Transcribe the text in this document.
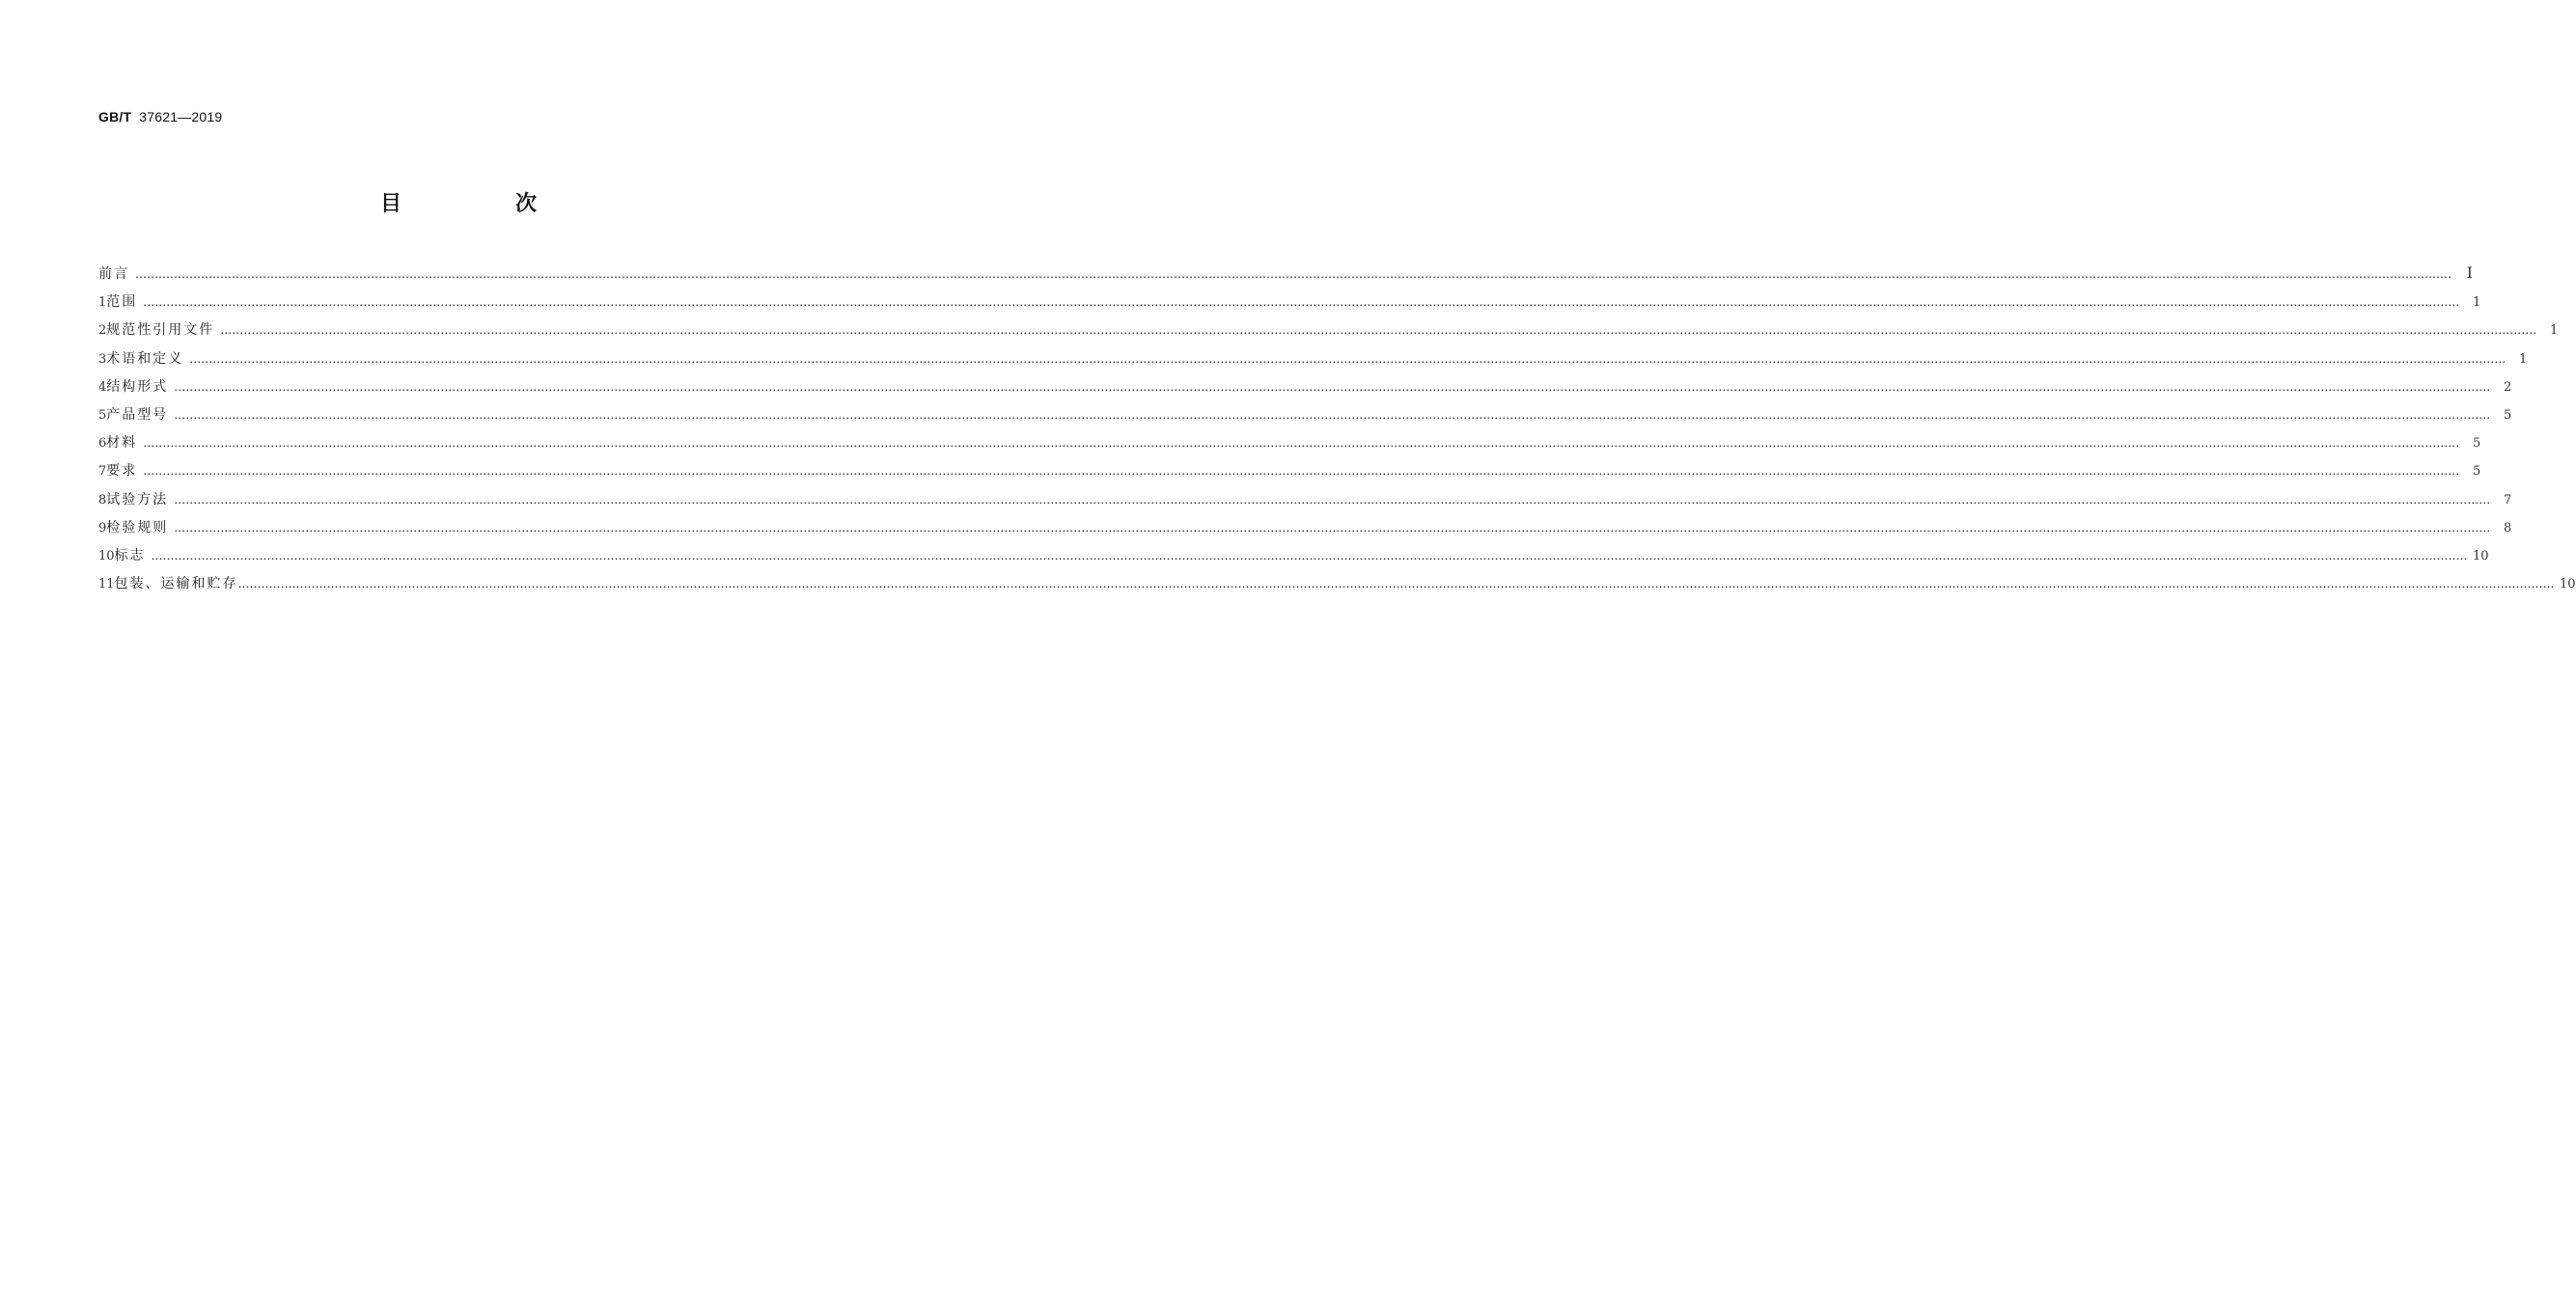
GB/T 37621—2019
目　次
前言 …………………………………………………………………………………………………………………………………………………………………………………………………………………………………………………………………………………………………………………………………………………………………………………………………………………………………………………………………………………………………………………………………………………… Ⅰ
1 范围 ……………………………………………………………………………………………………………………………………………………………………………………………………………………………………………………………………………………………………………………………………………………………………………………………………………………………………………………………………………………………………………………………………………………	1
2 规范性引用文件 ……………………………………………………………………………………………………………………………………………………………………………………………………………………………………………………………………………………………………………………………………………………………………………………………………………………………………………………………………………………………………………………………………………………	1
3 术语和定义 ……………………………………………………………………………………………………………………………………………………………………………………………………………………………………………………………………………………………………………………………………………………………………………………………………………………………………………………………………………………………………………………………………………………	1
4 结构形式 ……………………………………………………………………………………………………………………………………………………………………………………………………………………………………………………………………………………………………………………………………………………………………………………………………………………………………………………………………………………………………………………………………………………	2
5 产品型号 ……………………………………………………………………………………………………………………………………………………………………………………………………………………………………………………………………………………………………………………………………………………………………………………………………………………………………………………………………………………………………………………………………………………	5
6 材料 ……………………………………………………………………………………………………………………………………………………………………………………………………………………………………………………………………………………………………………………………………………………………………………………………………………………………………………………………………………………………………………………………………………………	5
7 要求 ……………………………………………………………………………………………………………………………………………………………………………………………………………………………………………………………………………………………………………………………………………………………………………………………………………………………………………………………………………………………………………………………………………………	5
8 试验方法 ……………………………………………………………………………………………………………………………………………………………………………………………………………………………………………………………………………………………………………………………………………………………………………………………………………………………………………………………………………………………………………………………………………………	7
9 检验规则 ……………………………………………………………………………………………………………………………………………………………………………………………………………………………………………………………………………………………………………………………………………………………………………………………………………………………………………………………………………………………………………………………………………………	8
10 标志 …………………………………………………………………………………………………………………………………………………………………………………………………………………………………………………………………………………………………………………………………………………………………………………………………………………………………………………………………………………………………………………………………………………… 10
11 包装、运输和贮存 …………………………………………………………………………………………………………………………………………………………………………………………………………………………………………………………………………………………………………………………………………………………………………………………………………………………………………………………………………………………………………………………………………………… 10
